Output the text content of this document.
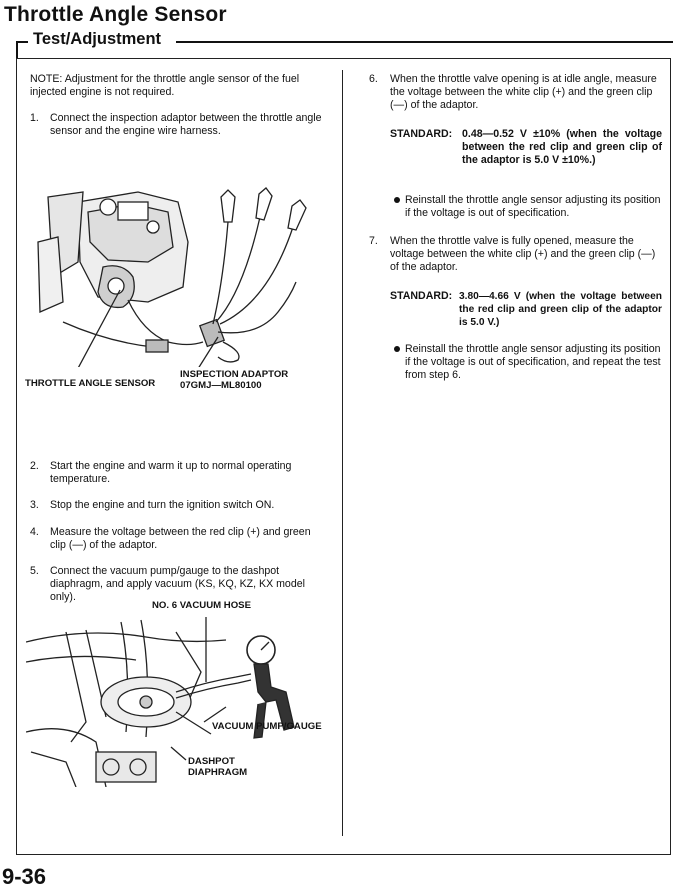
Throttle Angle Sensor
Test/Adjustment
NOTE: Adjustment for the throttle angle sensor of the fuel injected engine is not required.
1. Connect the inspection adaptor between the throttle angle sensor and the engine wire harness.
THROTTLE ANGLE SENSOR
INSPECTION ADAPTOR
07GMJ—ML80100
2. Start the engine and warm it up to normal operating temperature.
3. Stop the engine and turn the ignition switch ON.
4. Measure the voltage between the red clip (+) and green clip (—) of the adaptor.
5. Connect the vacuum pump/gauge to the dashpot diaphragm, and apply vacuum (KS, KQ, KZ, KX model only).
NO. 6 VACUUM HOSE
VACUUM PUMP/GAUGE
DASHPOT
DIAPHRAGM
6. When the throttle valve opening is at idle angle, measure the voltage between the white clip (+) and the green clip (—) of the adaptor.
STANDARD: 0.48—0.52 V ±10% (when the voltage between the red clip and green clip of the adaptor is 5.0 V ±10%.)
Reinstall the throttle angle sensor adjusting its position if the voltage is out of specification.
7. When the throttle valve is fully opened, measure the voltage between the white clip (+) and the green clip (—) of the adaptor.
STANDARD: 3.80—4.66 V (when the voltage between the red clip and green clip of the adaptor is 5.0 V.)
Reinstall the throttle angle sensor adjusting its position if the voltage is out of specification, and repeat the test from step 6.
9-36
